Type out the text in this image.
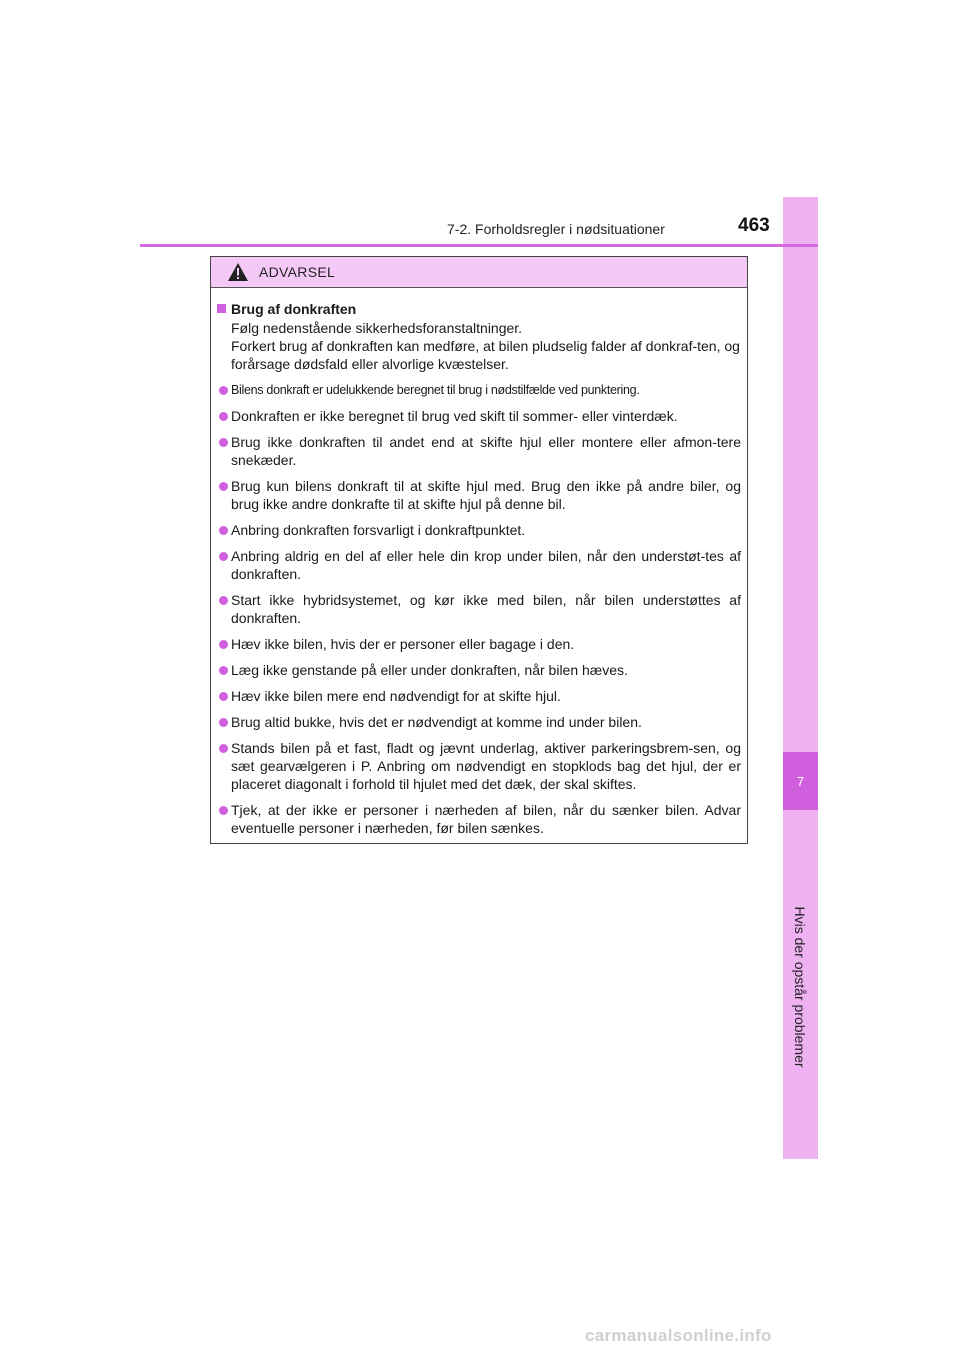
7
Hvis der opstår problemer
7-2. Forholdsregler i nødsituationer	463
ADVARSEL
Brug af donkraften
Følg nedenstående sikkerhedsforanstaltninger.
Forkert brug af donkraften kan medføre, at bilen pludselig falder af donkraf-ten, og forårsage dødsfald eller alvorlige kvæstelser.
Bilens donkraft er udelukkende beregnet til brug i nødstilfælde ved punktering.
Donkraften er ikke beregnet til brug ved skift til sommer- eller vinterdæk.
Brug ikke donkraften til andet end at skifte hjul eller montere eller afmon-tere snekæder.
Brug kun bilens donkraft til at skifte hjul med. Brug den ikke på andre biler, og brug ikke andre donkrafte til at skifte hjul på denne bil.
Anbring donkraften forsvarligt i donkraftpunktet.
Anbring aldrig en del af eller hele din krop under bilen, når den understøt-tes af donkraften.
Start ikke hybridsystemet, og kør ikke med bilen, når bilen understøttes af donkraften.
Hæv ikke bilen, hvis der er personer eller bagage i den.
Læg ikke genstande på eller under donkraften, når bilen hæves.
Hæv ikke bilen mere end nødvendigt for at skifte hjul.
Brug altid bukke, hvis det er nødvendigt at komme ind under bilen.
Stands bilen på et fast, fladt og jævnt underlag, aktiver parkeringsbrem-sen, og sæt gearvælgeren i P. Anbring om nødvendigt en stopklods bag det hjul, der er placeret diagonalt i forhold til hjulet med det dæk, der skal skiftes.
Tjek, at der ikke er personer i nærheden af bilen, når du sænker bilen. Advar eventuelle personer i nærheden, før bilen sænkes.
carmanualsonline.info
